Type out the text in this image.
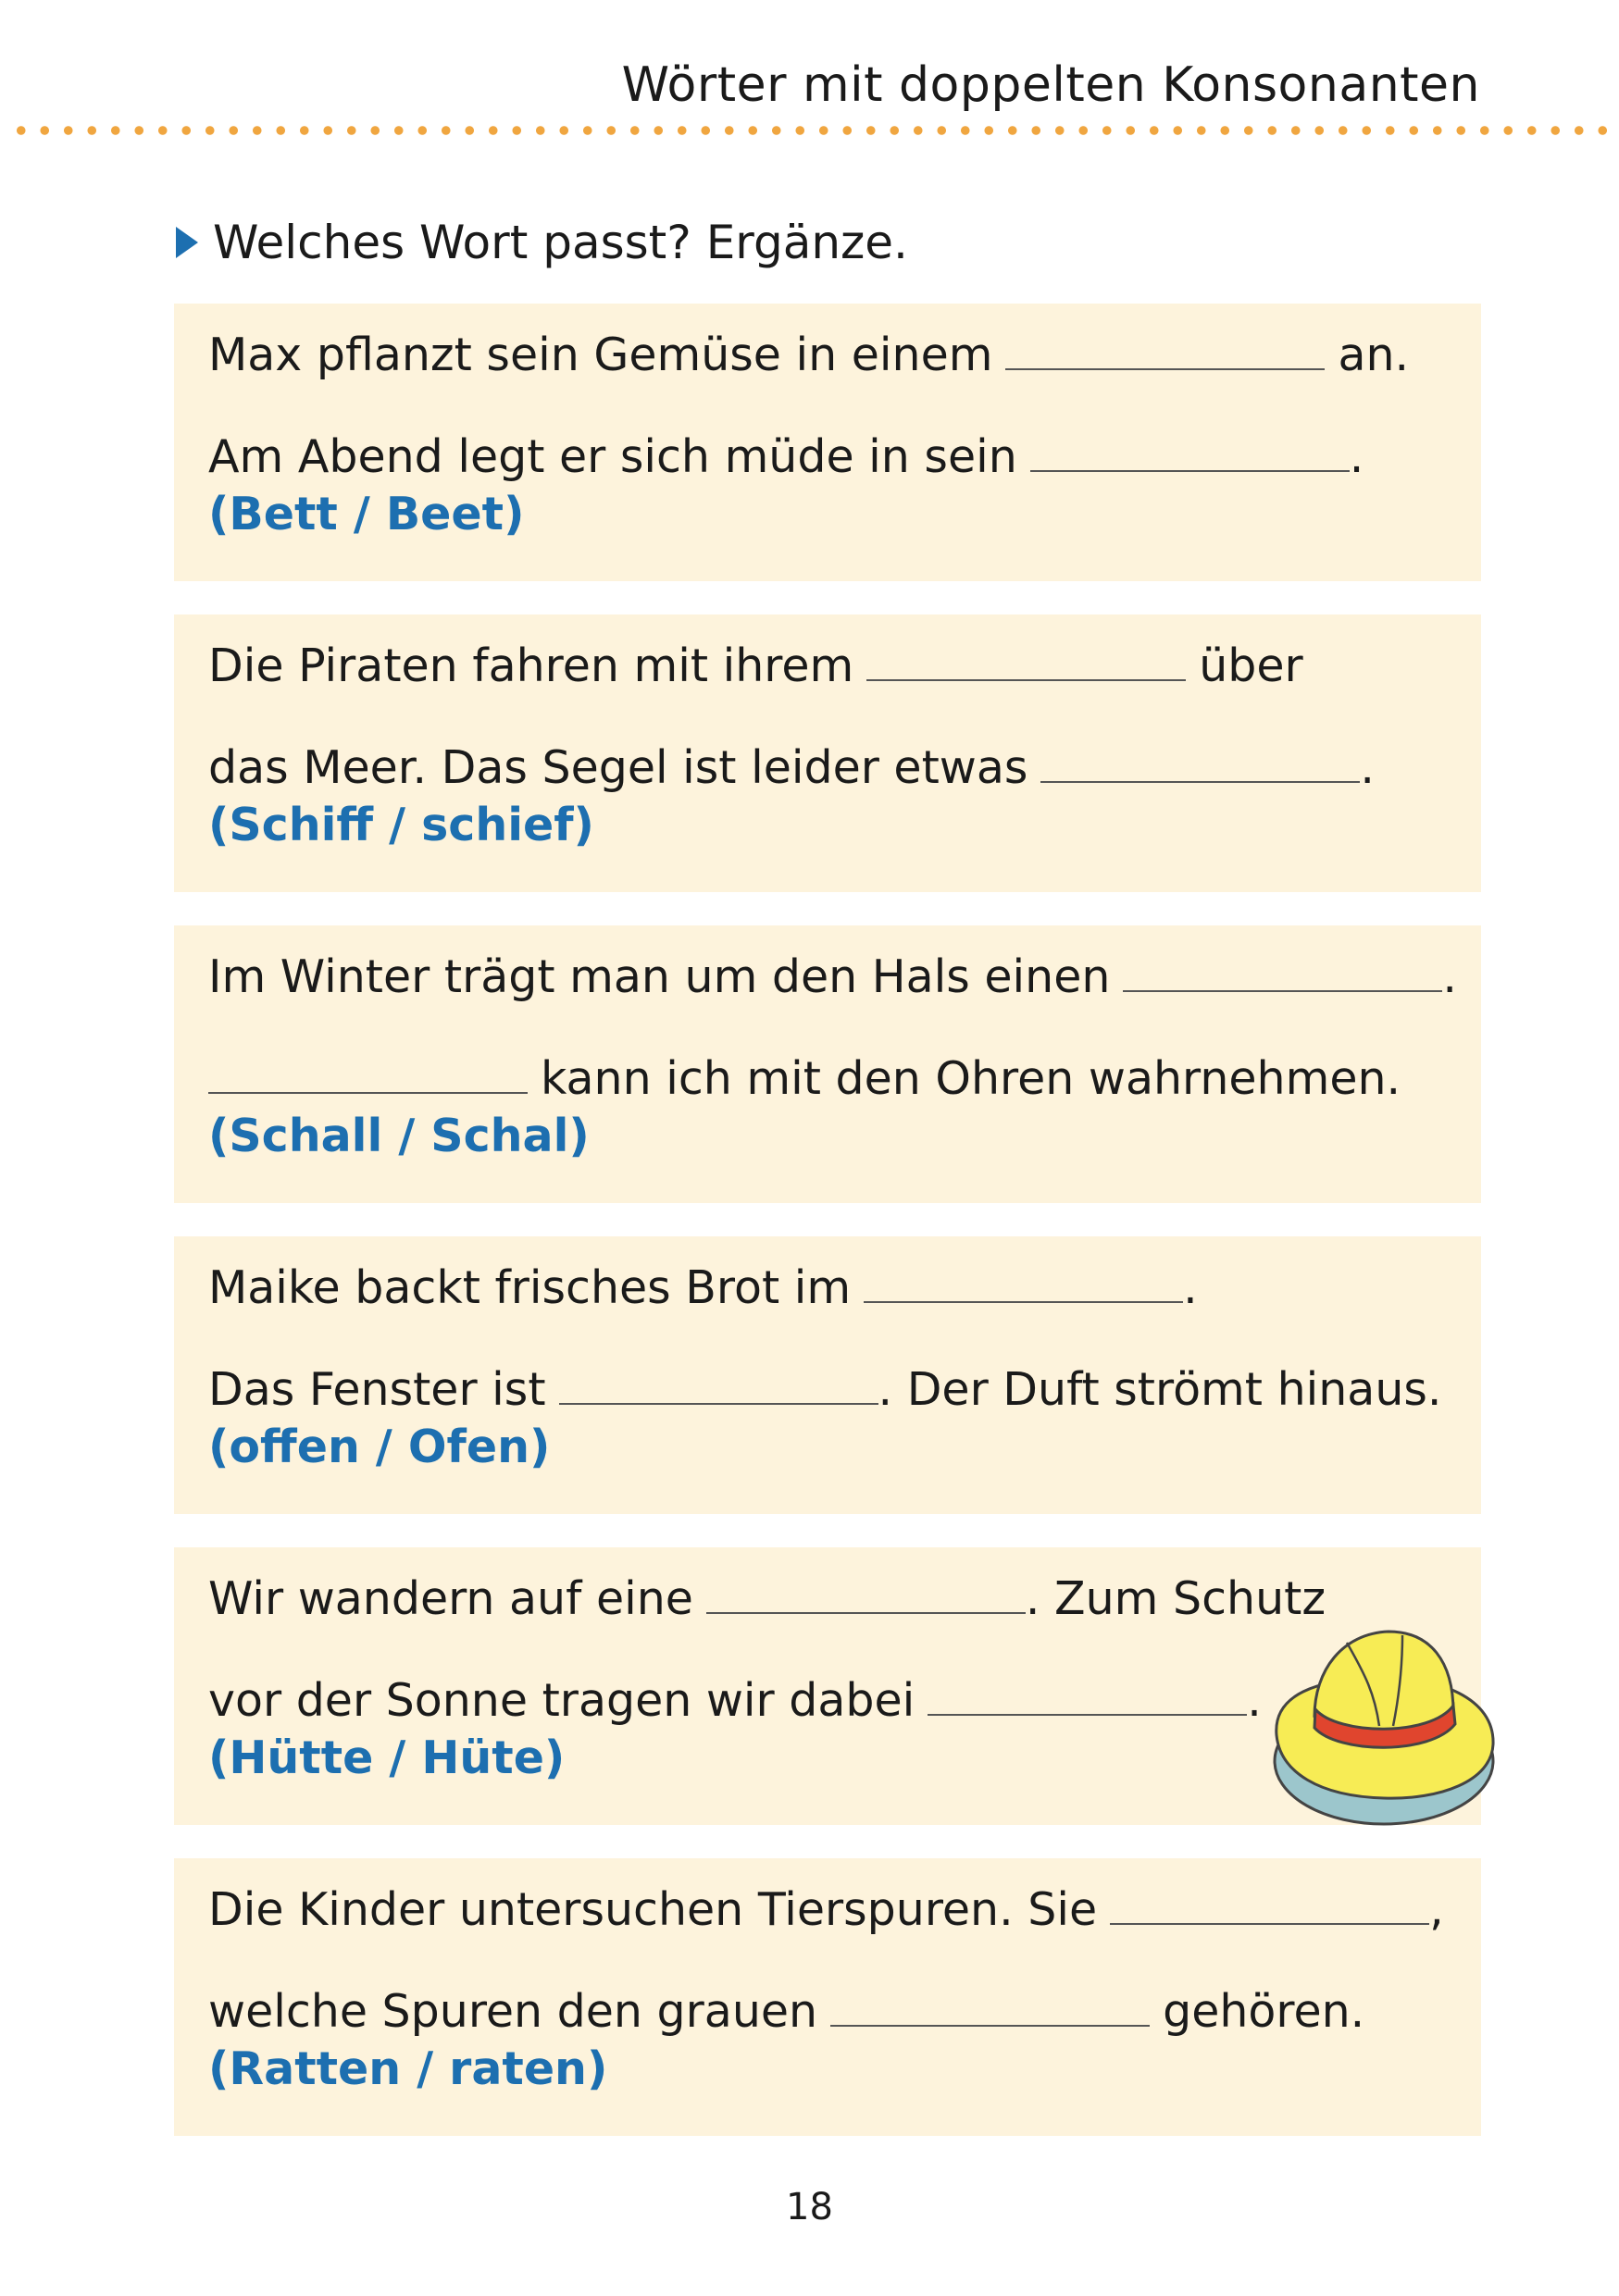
Wörter mit doppelten Konsonanten
Welches Wort passt? Ergänze.
Max pflanzt sein Gemüse in einem	an.
Am Abend legt er sich müde in sein	.
(Bett / Beet)
Die Piraten fahren mit ihrem	über
das Meer. Das Segel ist leider etwas	.
(Schiff / schief)
Im Winter trägt man um den Hals einen	.
kann ich mit den Ohren wahrnehmen.
(Schall / Schal)
Maike backt frisches Brot im	.
Das Fenster ist	. Der Duft strömt hinaus.
(offen / Ofen)
Wir wandern auf eine	. Zum Schutz
vor der Sonne tragen wir dabei	.
(Hütte / Hüte)
Die Kinder untersuchen Tierspuren. Sie	,
welche Spuren den grauen	gehören.
(Ratten / raten)
18
